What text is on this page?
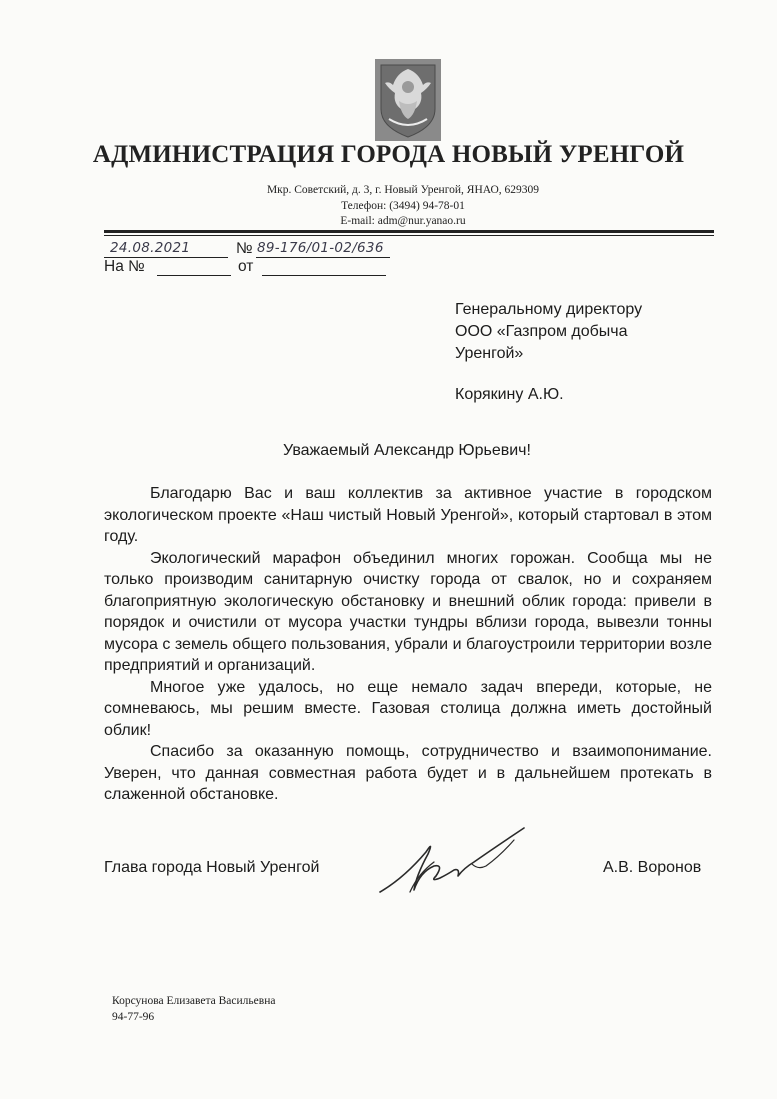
АДМИНИСТРАЦИЯ ГОРОДА НОВЫЙ УРЕНГОЙ
Мкр. Советский, д. 3, г. Новый Уренгой, ЯНАО, 629309
Телефон: (3494) 94-78-01
E-mail: adm@nur.yanao.ru
24.08.2021	№ 89-176/01-02/636
На №	от
Генеральному директору
ООО «Газпром добыча
Уренгой»
Корякину А.Ю.
Уважаемый Александр Юрьевич!

Благодарю Вас и ваш коллектив за активное участие в городском экологическом проекте «Наш чистый Новый Уренгой», который стартовал в этом году.

Экологический марафон объединил многих горожан. Сообща мы не только производим санитарную очистку города от свалок, но и сохраняем благоприятную экологическую обстановку и внешний облик города: привели в порядок и очистили от мусора участки тундры вблизи города, вывезли тонны мусора с земель общего пользования, убрали и благоустроили территории возле предприятий и организаций.

Многое уже удалось, но еще немало задач впереди, которые, не сомневаюсь, мы решим вместе. Газовая столица должна иметь достойный облик!

Спасибо за оказанную помощь, сотрудничество и взаимопонимание. Уверен, что данная совместная работа будет и в дальнейшем протекать в слаженной обстановке.

Глава города Новый Уренгой	А.В. Воронов
Корсунова Елизавета Васильевна
94-77-96
